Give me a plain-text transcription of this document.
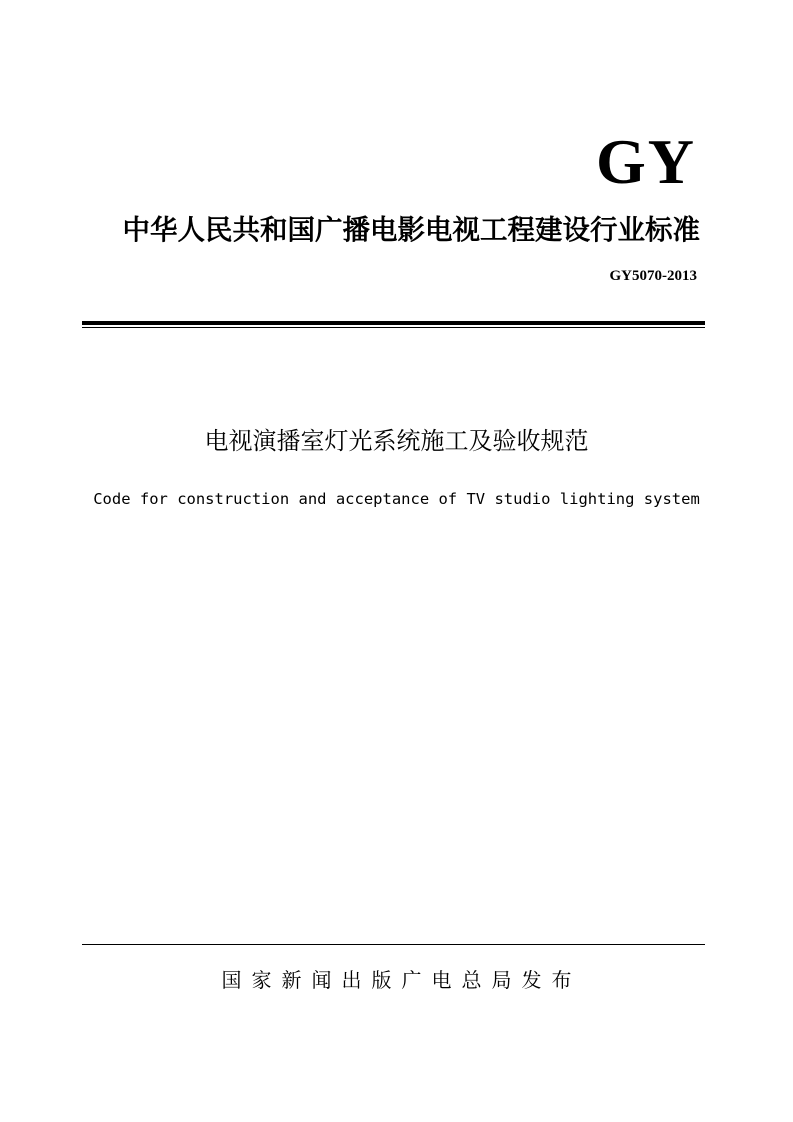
GY
中华人民共和国广播电影电视工程建设行业标准
GY5070-2013
电视演播室灯光系统施工及验收规范
Code for construction and acceptance of TV studio lighting system
国家新闻出版广电总局发布
